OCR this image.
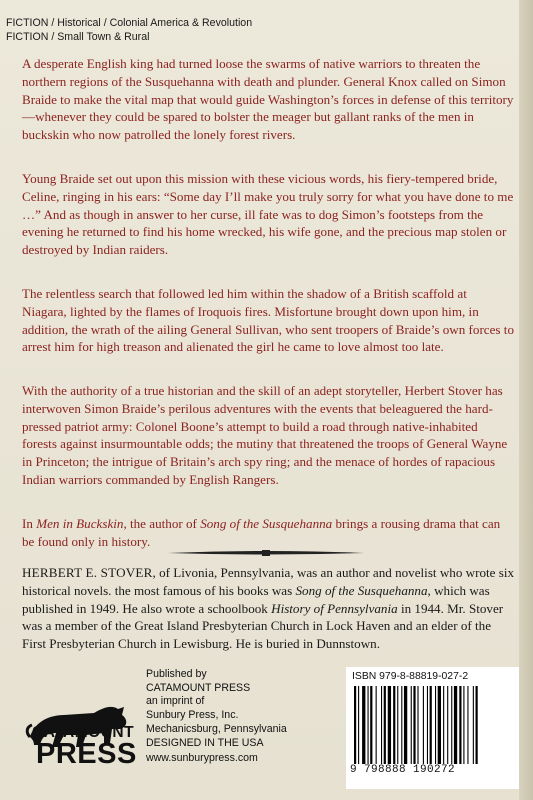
FICTION / Historical / Colonial America & Revolution
FICTION / Small Town & Rural

A desperate English king had turned loose the swarms of native warriors to threaten the northern regions of the Susquehanna with death and plunder. General Knox called on Simon Braide to make the vital map that would guide Washington’s forces in defense of this territory—whenever they could be spared to bolster the meager but gallant ranks of the men in buckskin who now patrolled the lonely forest rivers.

Young Braide set out upon this mission with these vicious words, his fiery-tempered bride, Celine, ringing in his ears: “Some day I’ll make you truly sorry for what you have done to me …” And as though in answer to her curse, ill fate was to dog Simon’s footsteps from the evening he returned to find his home wrecked, his wife gone, and the precious map stolen or destroyed by Indian raiders.

The relentless search that followed led him within the shadow of a British scaffold at Niagara, lighted by the flames of Iroquois fires. Misfortune brought down upon him, in addition, the wrath of the ailing General Sullivan, who sent troopers of Braide’s own forces to arrest him for high treason and alienated the girl he came to love almost too late.

With the authority of a true historian and the skill of an adept storyteller, Herbert Stover has interwoven Simon Braide’s perilous adventures with the events that beleaguered the hard-pressed patriot army: Colonel Boone’s attempt to build a road through native-inhabited forests against insurmountable odds; the mutiny that threatened the troops of General Wayne in Princeton; the intrigue of Britain’s arch spy ring; and the menace of hordes of rapacious Indian warriors commanded by English Rangers.

In Men in Buckskin, the author of Song of the Susquehanna brings a rousing drama that can be found only in history.

HERBERT E. STOVER, of Livonia, Pennsylvania, was an author and novelist who wrote six historical novels. the most famous of his books was Song of the Susquehanna, which was published in 1949. He also wrote a schoolbook History of Pennsylvania in 1944. Mr. Stover was a member of the Great Island Presbyterian Church in Lock Haven and an elder of the First Presbyterian Church in Lewisburg. He is buried in Dunnstown.

CATAMOUNT
PRESS
Published by
CATAMOUNT PRESS
an imprint of
Sunbury Press, Inc.
Mechanicsburg, Pennsylvania
DESIGNED IN THE USA
www.sunburypress.com
ISBN 979-8-88819-027-2
9 798888 190272
